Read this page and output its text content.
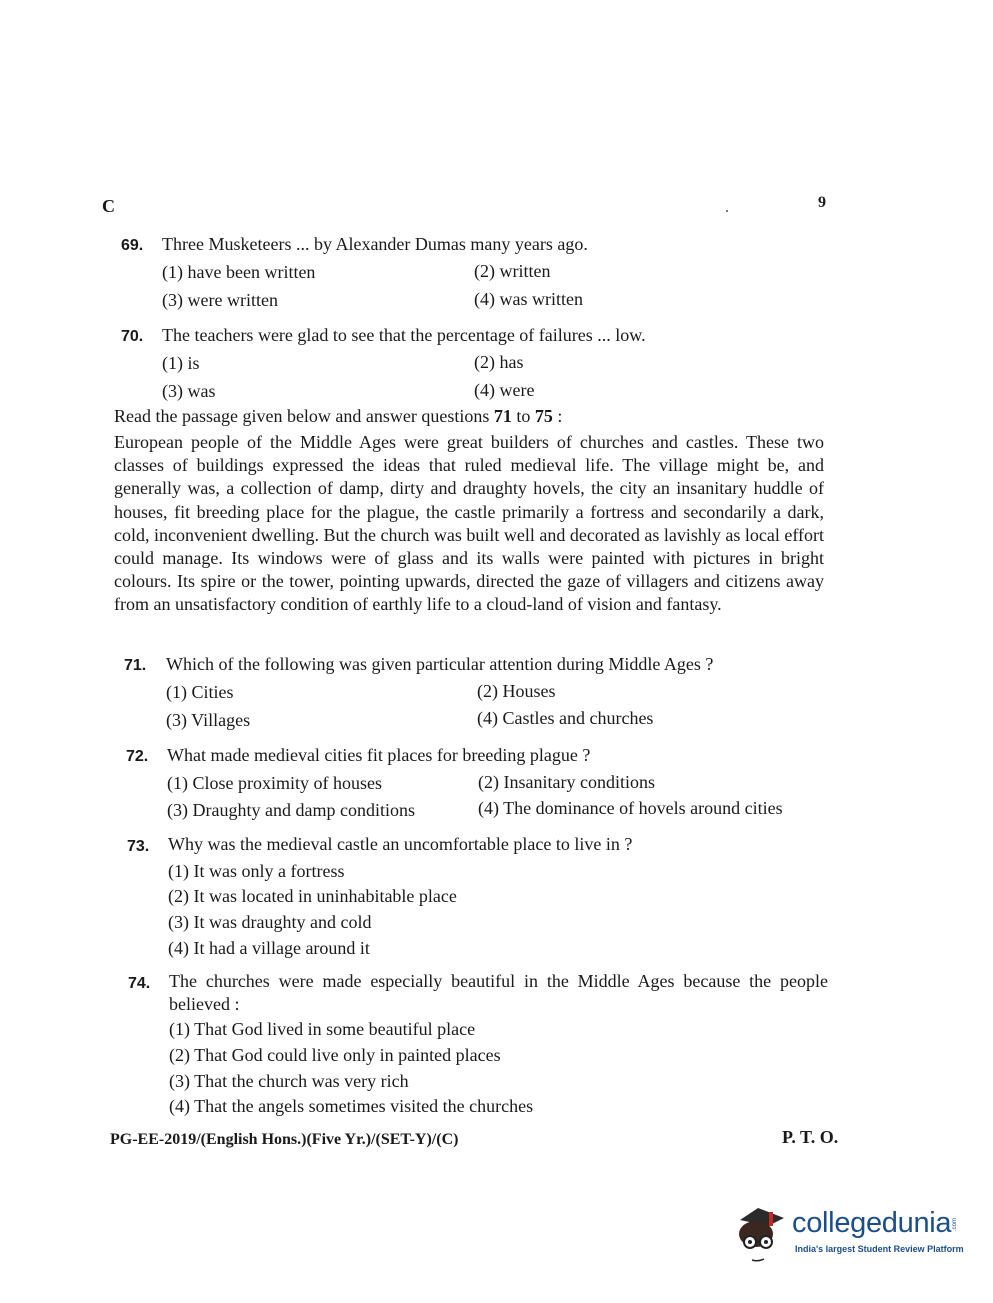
C	9
69. Three Musketeers ... by Alexander Dumas many years ago.
(1) have been written	(2) written
(3) were written	(4) was written
70. The teachers were glad to see that the percentage of failures ... low.
(1) is	(2) has
(3) was	(4) were
Read the passage given below and answer questions 71 to 75 :

European people of the Middle Ages were great builders of churches and castles. These two classes of buildings expressed the ideas that ruled medieval life. The village might be, and generally was, a collection of damp, dirty and draughty hovels, the city an insanitary huddle of houses, fit breeding place for the plague, the castle primarily a fortress and secondarily a dark, cold, inconvenient dwelling. But the church was built well and decorated as lavishly as local effort could manage. Its windows were of glass and its walls were painted with pictures in bright colours. Its spire or the tower, pointing upwards, directed the gaze of villagers and citizens away from an unsatisfactory condition of earthly life to a cloud-land of vision and fantasy.

71. Which of the following was given particular attention during Middle Ages ?
(1) Cities	(2) Houses
(3) Villages	(4) Castles and churches
72. What made medieval cities fit places for breeding plague ?
(1) Close proximity of houses	(2) Insanitary conditions
(3) Draughty and damp conditions	(4) The dominance of hovels around cities
73. Why was the medieval castle an uncomfortable place to live in ?
(1) It was only a fortress
(2) It was located in uninhabitable place
(3) It was draughty and cold
(4) It had a village around it
74. The churches were made especially beautiful in the Middle Ages because the people
believed :
(1) That God lived in some beautiful place
(2) That God could live only in painted places
(3) That the church was very rich
(4) That the angels sometimes visited the churches
PG-EE-2019/(English Hons.)(Five Yr.)/(SET-Y)/(C)	P. T. O.
collegedunia .com
India's largest Student Review Platform
